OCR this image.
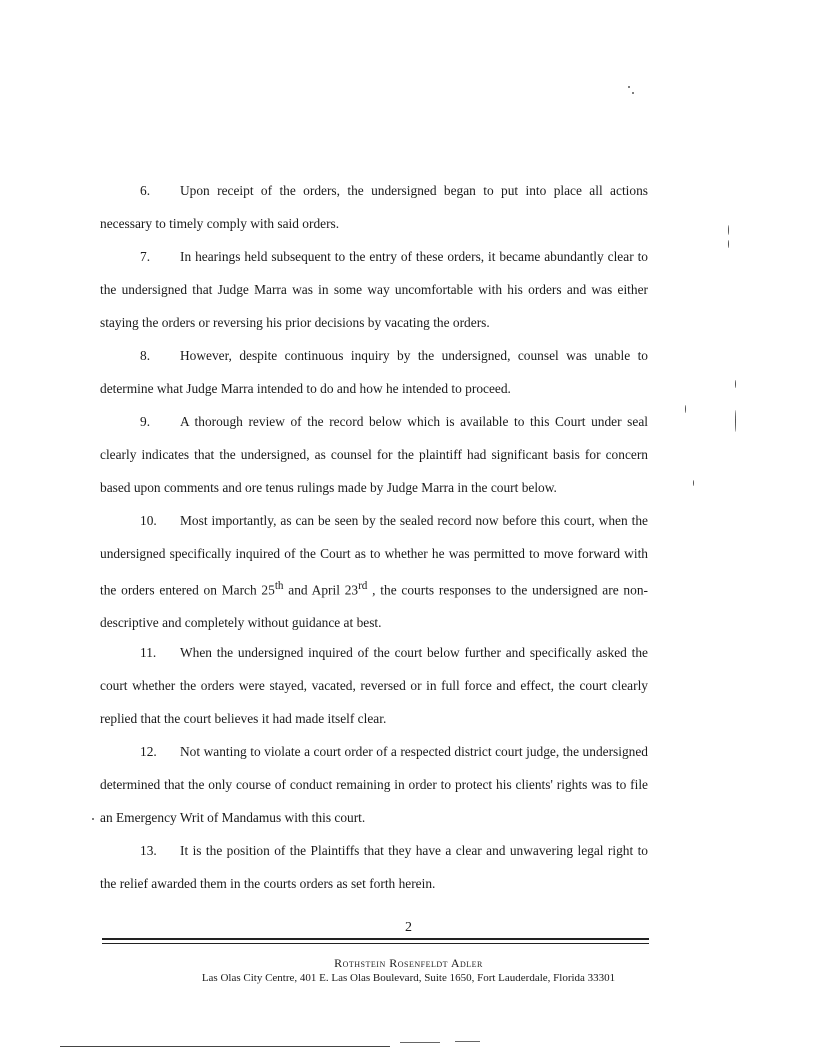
6. Upon receipt of the orders, the undersigned began to put into place all actions necessary to timely comply with said orders.

7. In hearings held subsequent to the entry of these orders, it became abundantly clear to the undersigned that Judge Marra was in some way uncomfortable with his orders and was either staying the orders or reversing his prior decisions by vacating the orders.

8. However, despite continuous inquiry by the undersigned, counsel was unable to determine what Judge Marra intended to do and how he intended to proceed.

9. A thorough review of the record below which is available to this Court under seal clearly indicates that the undersigned, as counsel for the plaintiff had significant basis for concern based upon comments and ore tenus rulings made by Judge Marra in the court below.

10. Most importantly, as can be seen by the sealed record now before this court, when the undersigned specifically inquired of the Court as to whether he was permitted to move forward with the orders entered on March 25th and April 23rd , the courts responses to the undersigned are non-descriptive and completely without guidance at best.

11. When the undersigned inquired of the court below further and specifically asked the court whether the orders were stayed, vacated, reversed or in full force and effect, the court clearly replied that the court believes it had made itself clear.

12. Not wanting to violate a court order of a respected district court judge, the undersigned determined that the only course of conduct remaining in order to protect his clients' rights was to file an Emergency Writ of Mandamus with this court.

13. It is the position of the Plaintiffs that they have a clear and unwavering legal right to the relief awarded them in the courts orders as set forth herein.

2
Rothstein Rosenfeldt Adler
Las Olas City Centre, 401 E. Las Olas Boulevard, Suite 1650, Fort Lauderdale, Florida 33301
